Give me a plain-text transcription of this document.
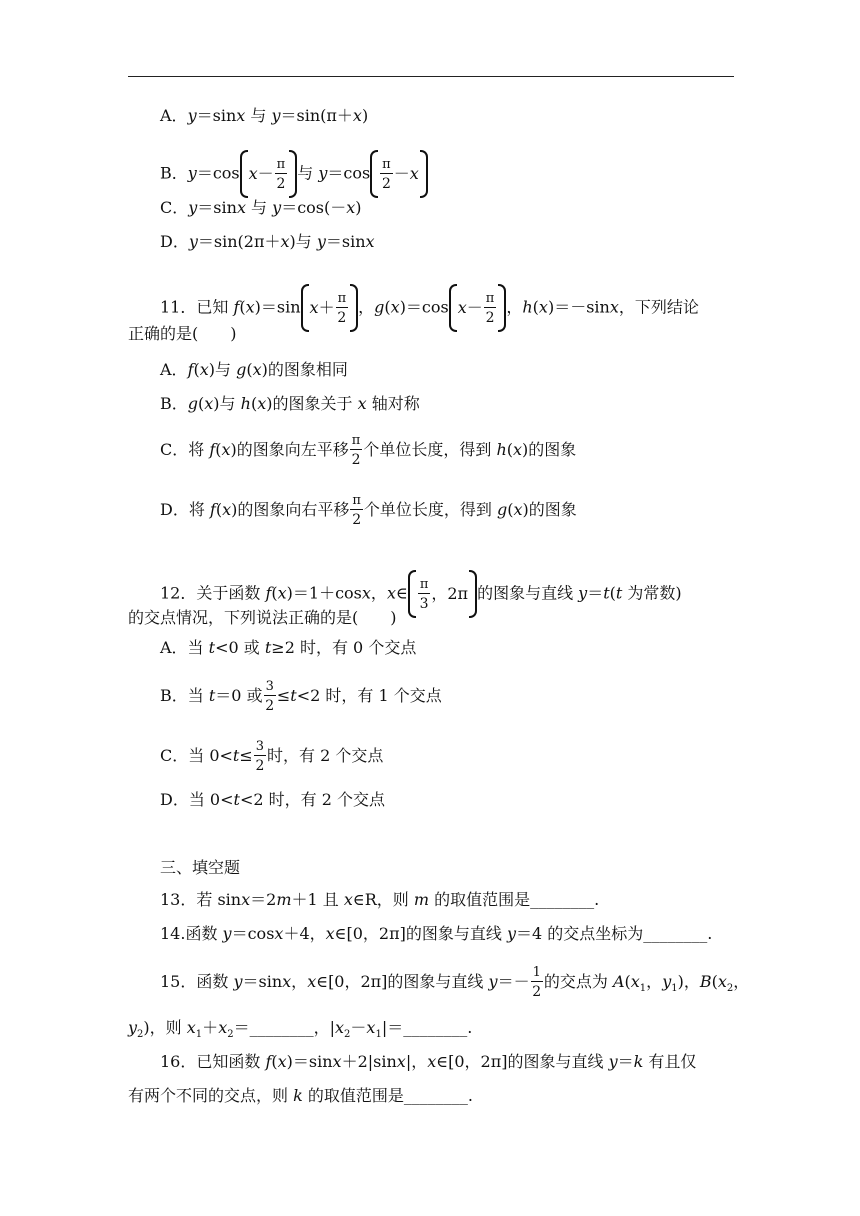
A．y＝sinx 与 y＝sin(π＋x)
B．y＝cos $x - \frac{\pi}{2}$ 与 $y=\cos \frac{\pi}{2} - x$
C．y＝sinx 与 y＝cos(－x)
D．y＝sin(2π＋x)与 y＝sinx
11．已知 f(x)＝sin $x + \frac{\pi}{2}$ ，g(x)＝cos $x - \frac{\pi}{2}$ ，h(x)＝－sinx，下列结论
正确的是(　　)
A．f(x)与 g(x)的图象相同
B．g(x)与 h(x)的图象关于 x 轴对称
C．将 f(x)的图象向左平移 $\frac{\pi}{2}$ 个单位长度，得到 h(x)的图象
D．将 f(x)的图象向右平移 $\frac{\pi}{2}$ 个单位长度，得到 g(x)的图象
12．关于函数 f(x)＝1＋cosx，x∈ $\frac{\pi}{3}$ ，2π 的图象与直线 y＝t(t 为常数)
的交点情况，下列说法正确的是(　　)
A．当 t<0 或 t≥2 时，有 0 个交点
B．当 t＝0 或 $\frac{3}{2} \le t<2$ 时，有 1 个交点
C．当 $0<t\le \frac{3}{2}$ 时，有 2 个交点
D．当 0<t<2 时，有 2 个交点
三、填空题
13．若 sinx＝2m＋1 且 x∈R，则 m 的取值范围是________.
14.函数 y＝cosx＋4，x∈[0，2π]的图象与直线 y＝4 的交点坐标为________.
15．函数 y＝sinx，x∈[0，2π]的图象与直线 $y=- \frac{1}{2}$ 的交点为 $A(x_1$，$y_1$)，$B(x_2$，
$y_2$)，则 $x_1+x_2=\_\_\_\_\_\_\_\_$，$|x_2-x_1|=\_\_\_\_\_\_\_\_$.
16．已知函数 f(x)＝sinx＋2|sinx|，x∈[0，2π]的图象与直线 y＝k 有且仅
有两个不同的交点，则 k 的取值范围是________.
